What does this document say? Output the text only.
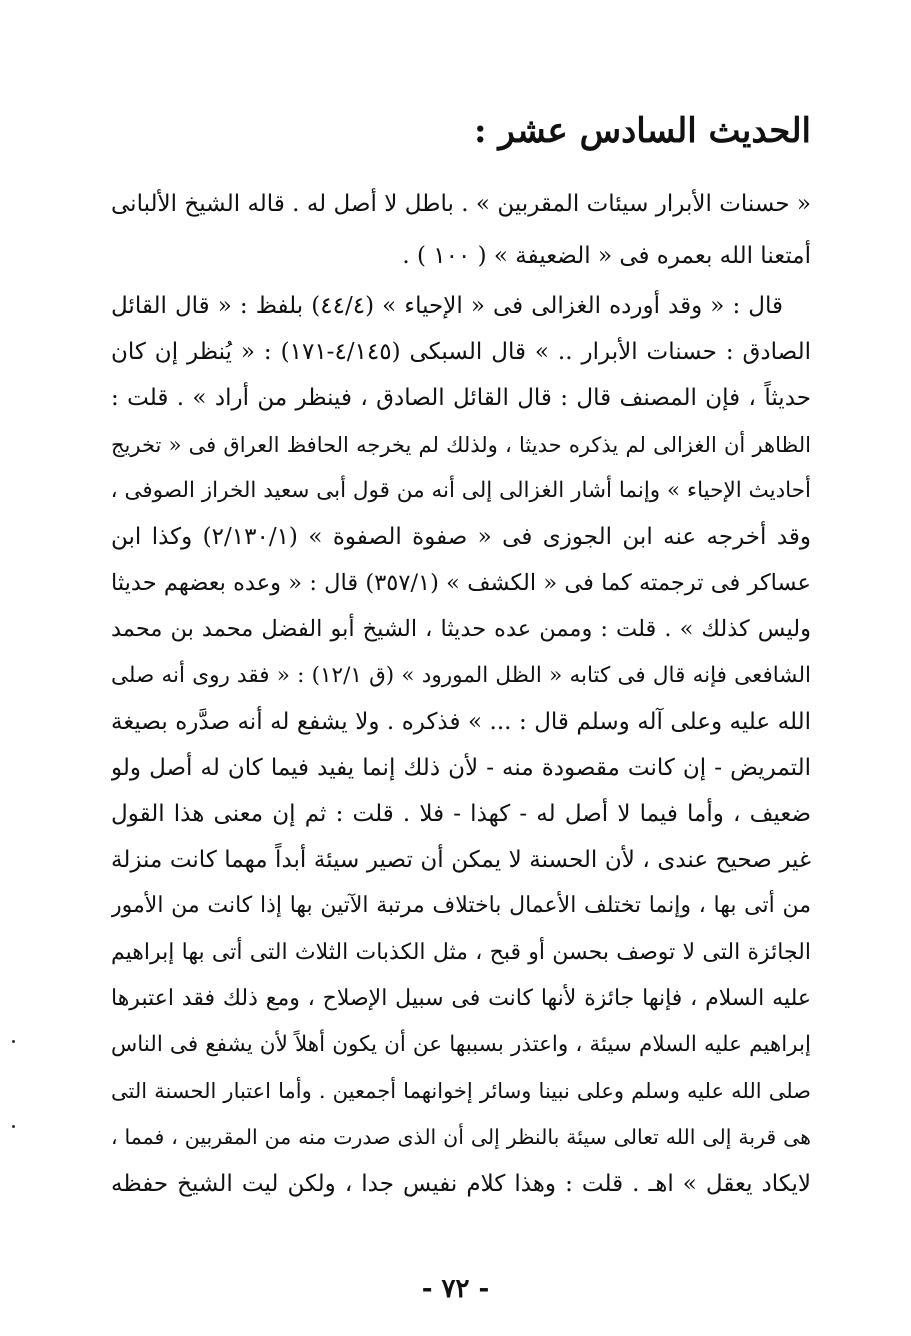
الحديث السادس عشر :
« حسنات الأبرار سيئات المقربين » . باطل لا أصل له . قاله الشيخ الألبانى
أمتعنا الله بعمره فى « الضعيفة » ( ١٠٠ ) .
قال : « وقد أورده الغزالى فى « الإحياء » (٤٤/٤) بلفظ : « قال القائل
الصادق : حسنات الأبرار .. » قال السبكى (٤/١٤٥-١٧١) : « يُنظر إن كان
حديثاً ، فإن المصنف قال : قال القائل الصادق ، فينظر من أراد » . قلت :
الظاهر أن الغزالى لم يذكره حديثا ، ولذلك لم يخرجه الحافظ العراق فى « تخريج
أحاديث الإحياء » وإنما أشار الغزالى إلى أنه من قول أبى سعيد الخراز الصوفى ،
وقد أخرجه عنه ابن الجوزى فى « صفوة الصفوة » (٢/١٣٠/١) وكذا ابن
عساكر فى ترجمته كما فى « الكشف » (٣٥٧/١) قال : « وعده بعضهم حديثا
وليس كذلك » . قلت : وممن عده حديثا ، الشيخ أبو الفضل محمد بن محمد
الشافعى فإنه قال فى كتابه « الظل المورود » (ق ١٢/١) : « فقد روى أنه صلى
الله عليه وعلى آله وسلم قال : ... » فذكره . ولا يشفع له أنه صدَّره بصيغة
التمريض - إن كانت مقصودة منه - لأن ذلك إنما يفيد فيما كان له أصل ولو
ضعيف ، وأما فيما لا أصل له - كهذا - فلا . قلت : ثم إن معنى هذا القول
غير صحيح عندى ، لأن الحسنة لا يمكن أن تصير سيئة أبداً مهما كانت منزلة
من أتى بها ، وإنما تختلف الأعمال باختلاف مرتبة الآتين بها إذا كانت من الأمور
الجائزة التى لا توصف بحسن أو قبح ، مثل الكذبات الثلاث التى أتى بها إبراهيم
عليه السلام ، فإنها جائزة لأنها كانت فى سبيل الإصلاح ، ومع ذلك فقد اعتبرها
إبراهيم عليه السلام سيئة ، واعتذر بسببها عن أن يكون أهلاً لأن يشفع فى الناس
صلى الله عليه وسلم وعلى نبينا وسائر إخوانهما أجمعين . وأما اعتبار الحسنة التى
هى قربة إلى الله تعالى سيئة بالنظر إلى أن الذى صدرت منه من المقربين ، فمما ،
لايكاد يعقل » اهـ . قلت : وهذا كلام نفيس جدا ، ولكن ليت الشيخ حفظه
- ٧٢ -
